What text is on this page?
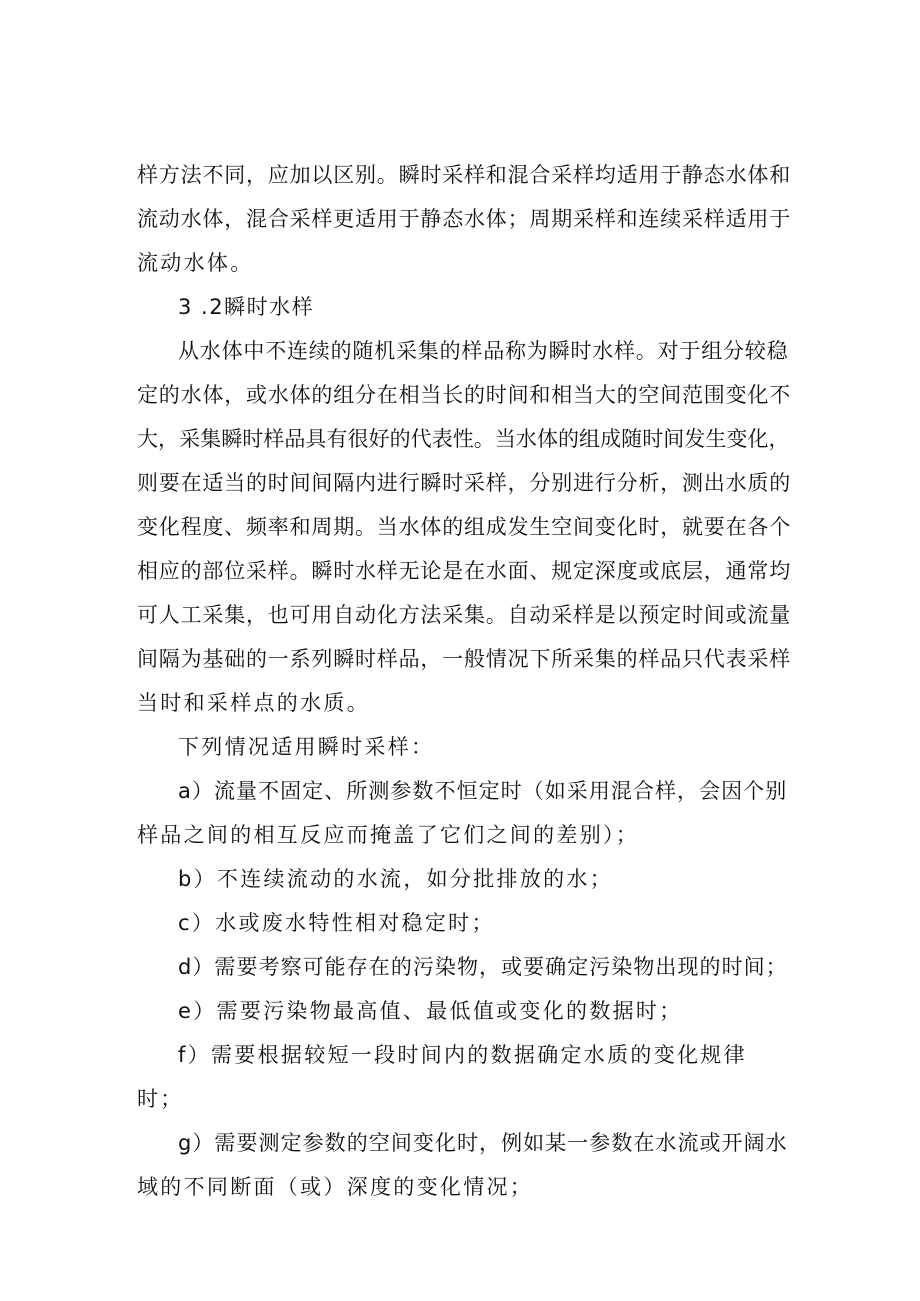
样方法不同，应加以区别。瞬时采样和混合采样均适用于静态水体和

流动水体，混合采样更适用于静态水体；周期采样和连续采样适用于

流动水体。

3 .2瞬时水样

从水体中不连续的随机采集的样品称为瞬时水样。对于组分较稳

定的水体，或水体的组分在相当长的时间和相当大的空间范围变化不

大，采集瞬时样品具有很好的代表性。当水体的组成随时间发生变化，

则要在适当的时间间隔内进行瞬时采样，分别进行分析，测出水质的

变化程度、频率和周期。当水体的组成发生空间变化时，就要在各个

相应的部位采样。瞬时水样无论是在水面、规定深度或底层，通常均

可人工采集，也可用自动化方法采集。自动采样是以预定时间或流量

间隔为基础的一系列瞬时样品，一般情况下所采集的样品只代表采样

当时和采样点的水质。

下列情况适用瞬时采样：

a）流量不固定、所测参数不恒定时（如采用混合样，会因个别

样品之间的相互反应而掩盖了它们之间的差别）；

b）不连续流动的水流，如分批排放的水；

c）水或废水特性相对稳定时；

d）需要考察可能存在的污染物，或要确定污染物出现的时间；

e）需要污染物最高值、最低值或变化的数据时；

f）需要根据较短一段时间内的数据确定水质的变化规律

时；

g）需要测定参数的空间变化时，例如某一参数在水流或开阔水

域的不同断面（或）深度的变化情况；
